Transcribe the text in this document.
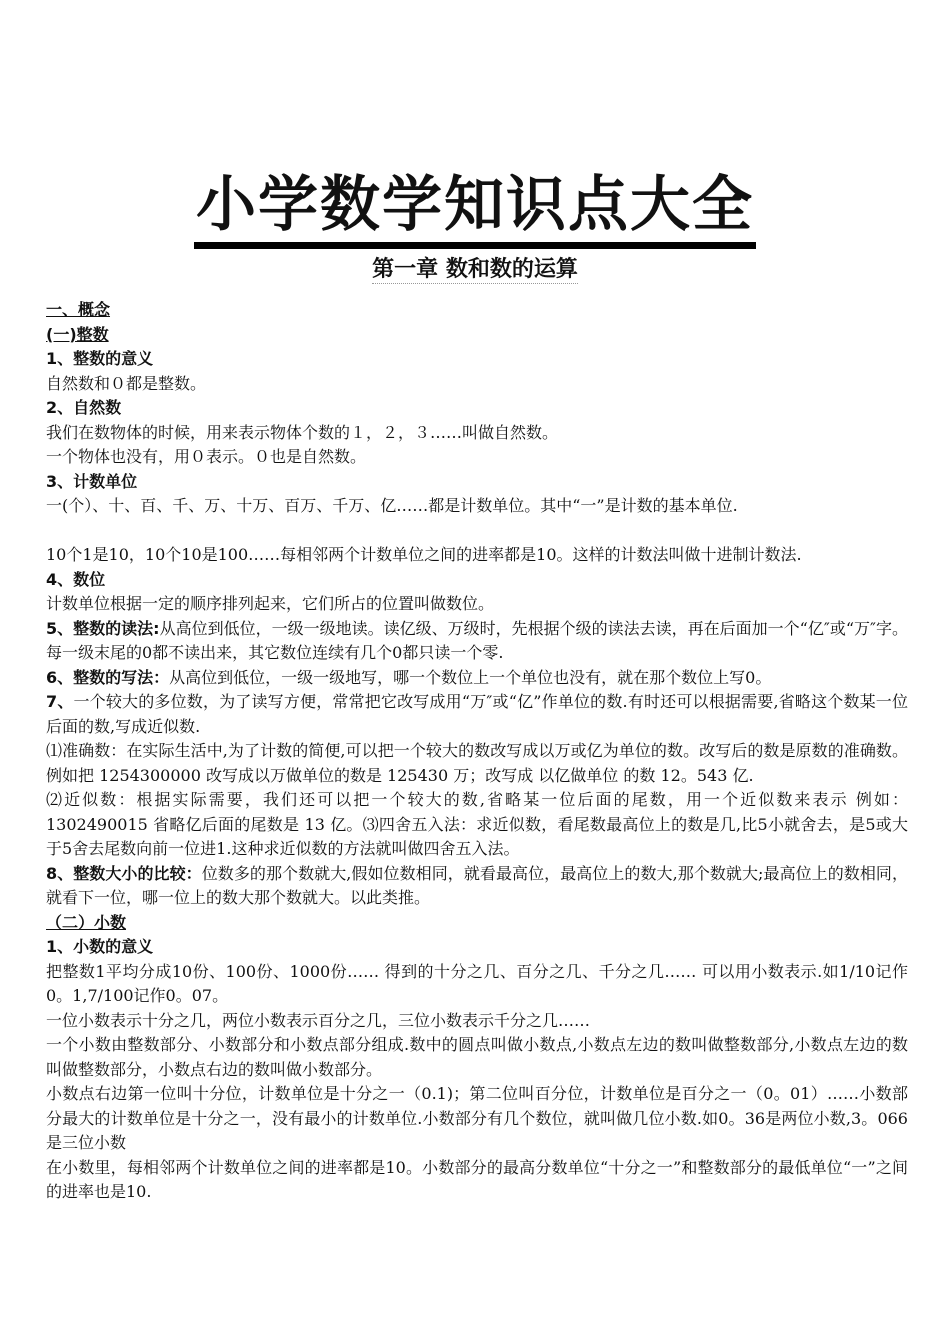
小学数学知识点大全
第一章 数和数的运算

一、概念

(一)整数

1、整数的意义

自然数和０都是整数。

2、自然数

我们在数物体的时候，用来表示物体个数的１，２，３……叫做自然数。

一个物体也没有，用０表示。０也是自然数。

3、计数单位

一(个）、十、百、千、万、十万、百万、千万、亿……都是计数单位。其中“一”是计数的基本单位.

10个1是10，10个10是100……每相邻两个计数单位之间的进率都是10。这样的计数法叫做十进制计数法.

4、数位

计数单位根据一定的顺序排列起来，它们所占的位置叫做数位。

5、整数的读法:从高位到低位，一级一级地读。读亿级、万级时，先根据个级的读法去读，再在后面加一个“亿″或“万″字。每一级末尾的0都不读出来，其它数位连续有几个0都只读一个零.

6、整数的写法：从高位到低位，一级一级地写，哪一个数位上一个单位也没有，就在那个数位上写0。

7、一个较大的多位数，为了读写方便，常常把它改写成用“万″或“亿”作单位的数.有时还可以根据需要,省略这个数某一位后面的数,写成近似数.

⑴准确数：在实际生活中,为了计数的简便,可以把一个较大的数改写成以万或亿为单位的数。改写后的数是原数的准确数。 例如把 1254300000 改写成以万做单位的数是 125430 万；改写成 以亿做单位 的数 12。543 亿.

⑵近似数：根据实际需要，我们还可以把一个较大的数,省略某一位后面的尾数，用一个近似数来表示 例如： 1302490015 省略亿后面的尾数是 13 亿。⑶四舍五入法：求近似数，看尾数最高位上的数是几,比5小就舍去，是5或大于5舍去尾数向前一位进1.这种求近似数的方法就叫做四舍五入法。

8、整数大小的比较：位数多的那个数就大,假如位数相同，就看最高位，最高位上的数大,那个数就大;最高位上的数相同，就看下一位，哪一位上的数大那个数就大。以此类推。

（二）小数

1、小数的意义

把整数1平均分成10份、100份、1000份…… 得到的十分之几、百分之几、千分之几…… 可以用小数表示.如1/10记作0。1,7/100记作0。07。

一位小数表示十分之几，两位小数表示百分之几，三位小数表示千分之几……

一个小数由整数部分、小数部分和小数点部分组成.数中的圆点叫做小数点,小数点左边的数叫做整数部分,小数点左边的数叫做整数部分，小数点右边的数叫做小数部分。

小数点右边第一位叫十分位，计数单位是十分之一（0.1)；第二位叫百分位，计数单位是百分之一（0。01）……小数部分最大的计数单位是十分之一，没有最小的计数单位.小数部分有几个数位，就叫做几位小数.如0。36是两位小数,3。066是三位小数

在小数里，每相邻两个计数单位之间的进率都是10。小数部分的最高分数单位“十分之一”和整数部分的最低单位“一”之间的进率也是10.
